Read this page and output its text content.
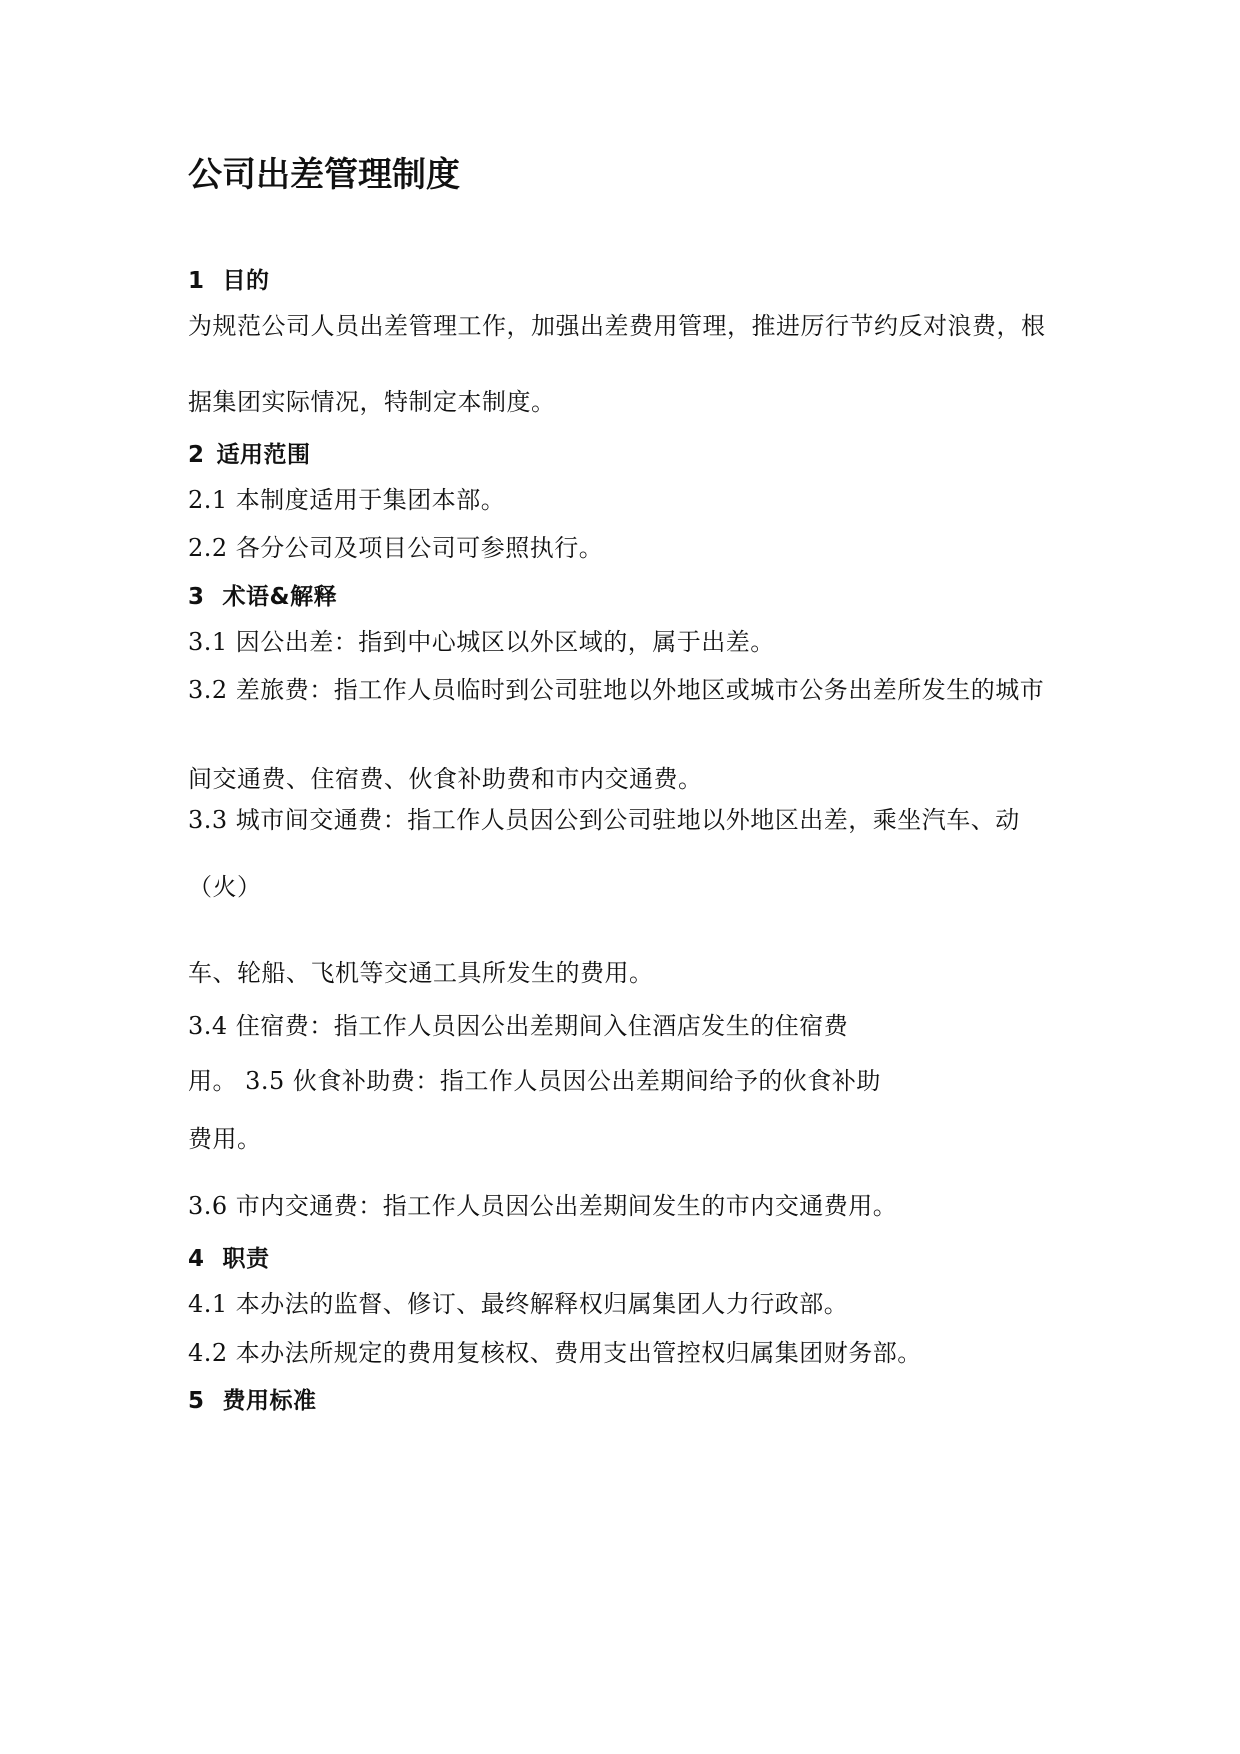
公司出差管理制度
1 目的
为规范公司人员出差管理工作，加强出差费用管理，推进厉行节约反对浪费，根
据集团实际情况，特制定本制度。
2 适用范围
2.1 本制度适用于集团本部。
2.2 各分公司及项目公司可参照执行。
3 术语&解释
3.1 因公出差：指到中心城区以外区域的，属于出差。
3.2 差旅费：指工作人员临时到公司驻地以外地区或城市公务出差所发生的城市
间交通费、住宿费、伙食补助费和市内交通费。
3.3 城市间交通费：指工作人员因公到公司驻地以外地区出差，乘坐汽车、动
（火）
车、轮船、飞机等交通工具所发生的费用。
3.4 住宿费：指工作人员因公出差期间入住酒店发生的住宿费
用。 3.5 伙食补助费：指工作人员因公出差期间给予的伙食补助
费用。
3.6 市内交通费：指工作人员因公出差期间发生的市内交通费用。
4 职责
4.1 本办法的监督、修订、最终解释权归属集团人力行政部。
4.2 本办法所规定的费用复核权、费用支出管控权归属集团财务部。
5 费用标准
